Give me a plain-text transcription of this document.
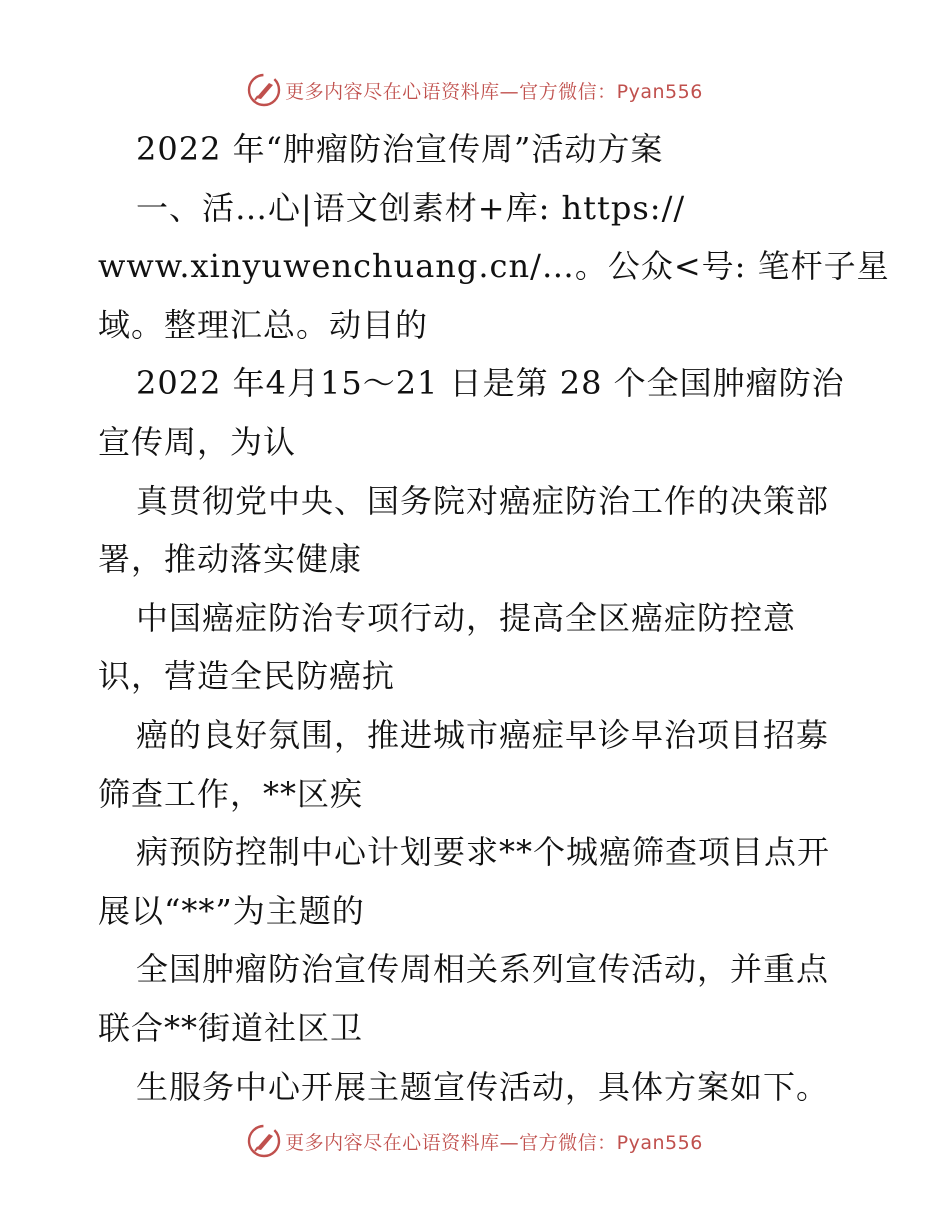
更多内容尽在心语资料库—官方微信：Pyan556
2022 年“肿瘤防治宣传周”活动方案
一、活…心|语文创素材+库: https://
www.xinyuwenchuang.cn/…。公众<号: 笔杆子星
域。整理汇总。动目的
2022 年4月15～21 日是第 28 个全国肿瘤防治
宣传周，为认
真贯彻党中央、国务院对癌症防治工作的决策部
署，推动落实健康
中国癌症防治专项行动，提高全区癌症防控意
识，营造全民防癌抗
癌的良好氛围，推进城市癌症早诊早治项目招募
筛查工作，**区疾
病预防控制中心计划要求**个城癌筛查项目点开
展以“**”为主题的
全国肿瘤防治宣传周相关系列宣传活动，并重点
联合**街道社区卫
生服务中心开展主题宣传活动，具体方案如下。
更多内容尽在心语资料库—官方微信：Pyan556
